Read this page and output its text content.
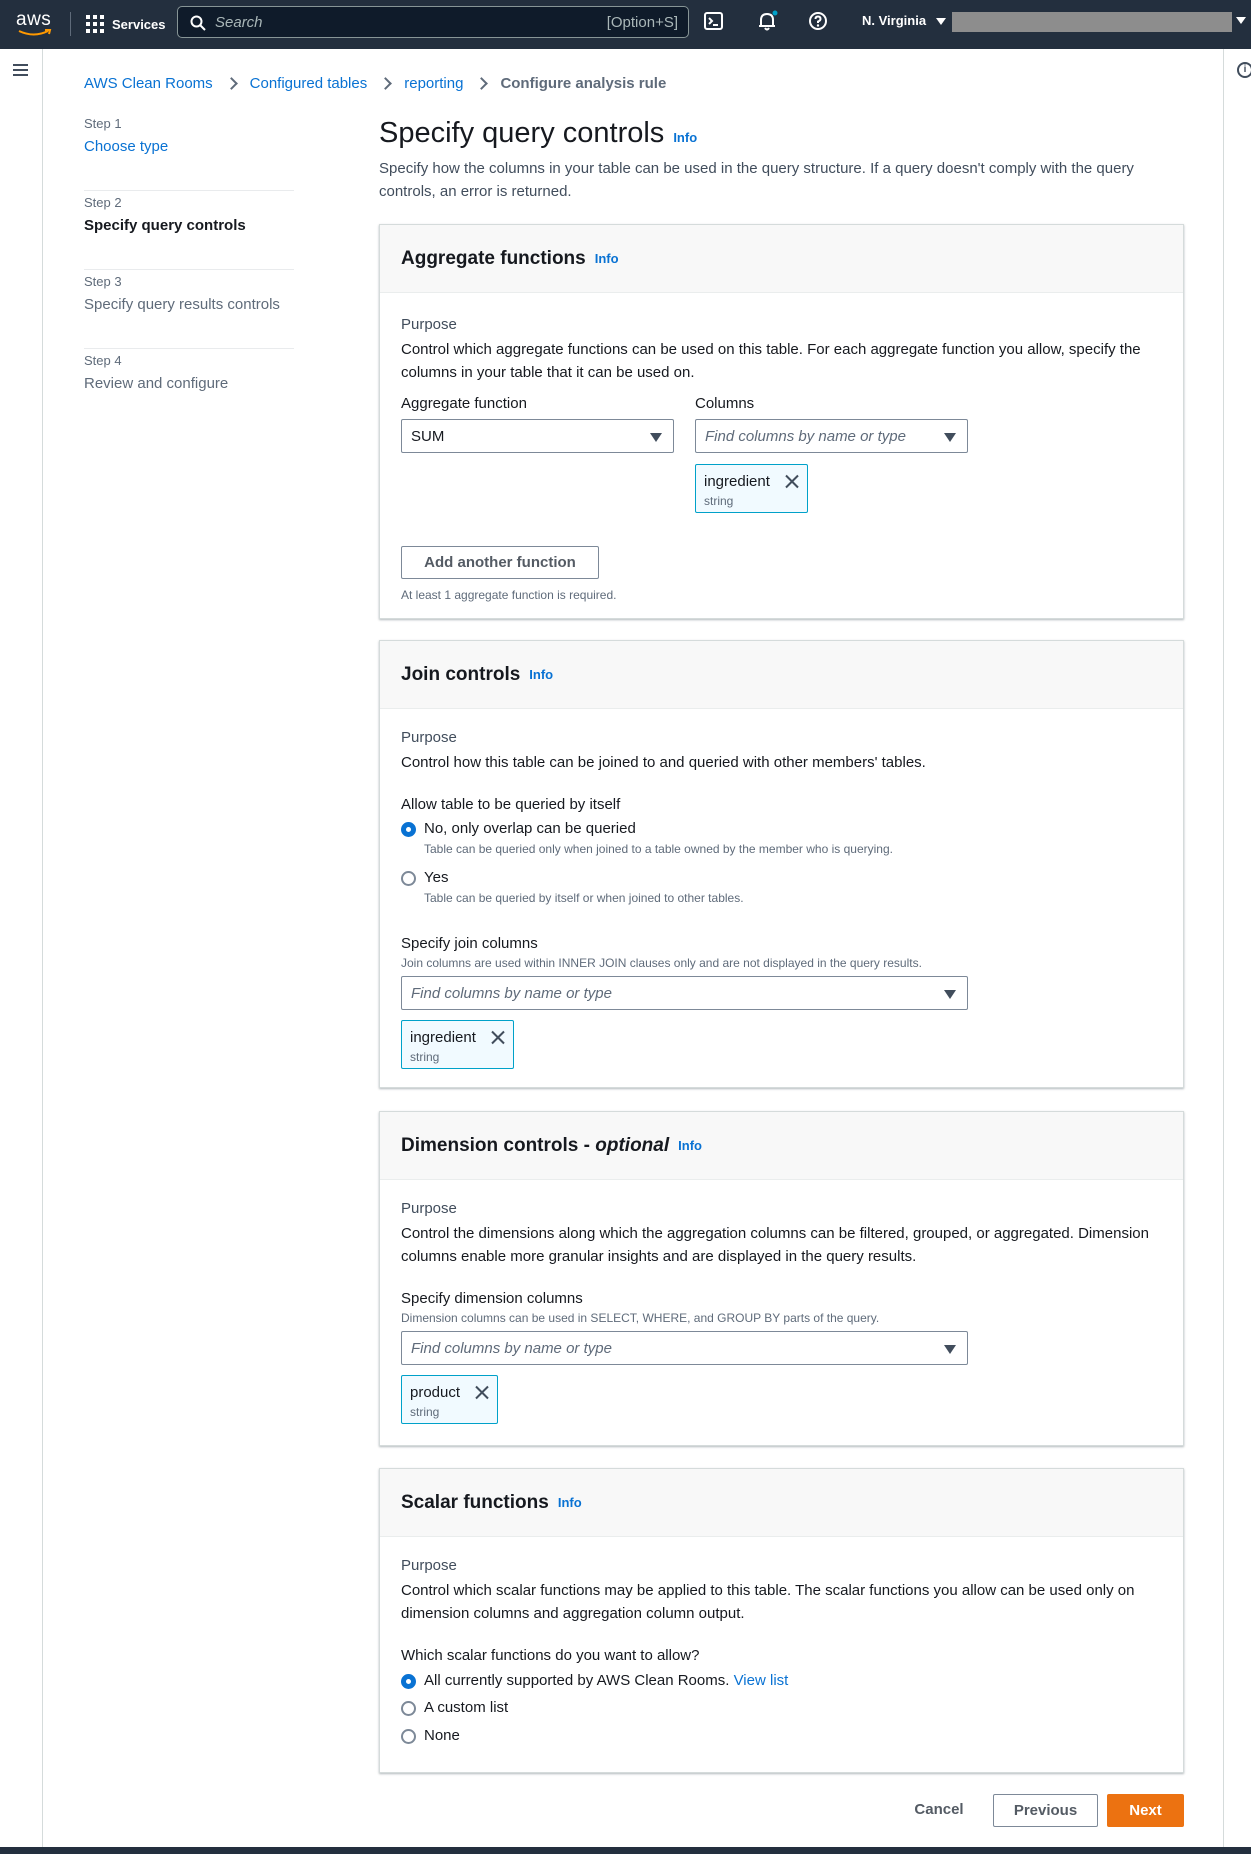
aws	Services	Search	[Option+S]	N. Virginia
i
AWS Clean Rooms Configured tables reporting Configure analysis rule
Step 1
Choose type
Step 2
Specify query controls
Step 3
Specify query results controls
Step 4
Review and configure
Specify query controls Info

Specify how the columns in your table can be used in the query structure. If a query doesn't comply with the query controls, an error is returned.

Aggregate functions Info
Purpose
Control which aggregate functions can be used on this table. For each aggregate function you allow, specify the columns in your table that it can be used on.
Aggregate function
SUM
Columns
Find columns by name or type
ingredient
string
Add another function
At least 1 aggregate function is required.
Join controls Info
Purpose
Control how this table can be joined to and queried with other members' tables.
Allow table to be queried by itself
No, only overlap can be queried
Table can be queried only when joined to a table owned by the member who is querying.
Yes
Table can be queried by itself or when joined to other tables.
Specify join columns
Join columns are used within INNER JOIN clauses only and are not displayed in the query results.
Find columns by name or type
ingredient
string
Dimension controls - optional Info
Purpose
Control the dimensions along which the aggregation columns can be filtered, grouped, or aggregated. Dimension columns enable more granular insights and are displayed in the query results.
Specify dimension columns
Dimension columns can be used in SELECT, WHERE, and GROUP BY parts of the query.
Find columns by name or type
product
string
Scalar functions Info
Purpose
Control which scalar functions may be applied to this table. The scalar functions you allow can be used only on dimension columns and aggregation column output.
Which scalar functions do you want to allow?
All currently supported by AWS Clean Rooms. View list
A custom list
None
Cancel	Previous	Next
